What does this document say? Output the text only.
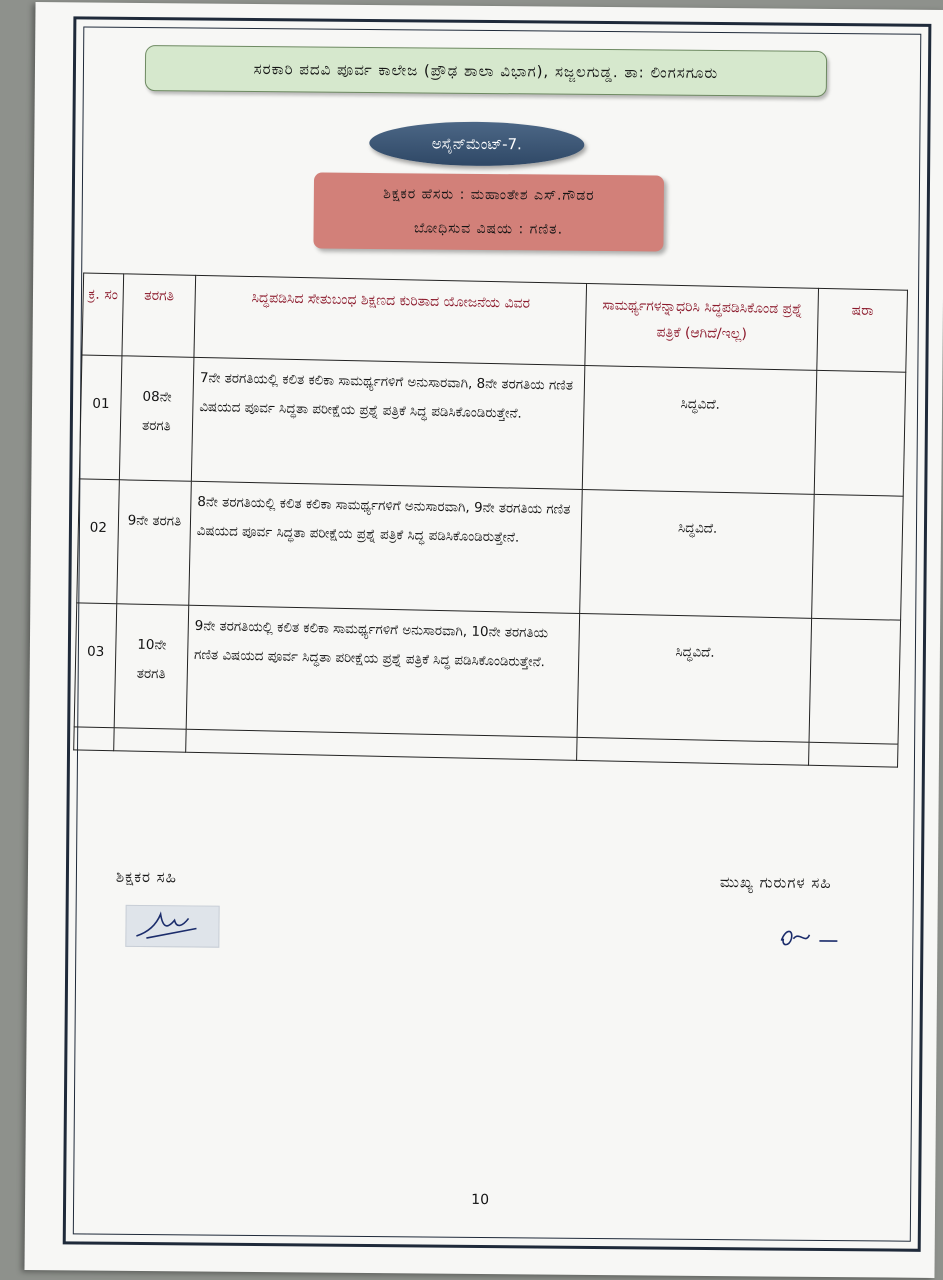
ಸರಕಾರಿ ಪದವಿ ಪೂರ್ವ ಕಾಲೇಜ (ಪ್ರೌಢ ಶಾಲಾ ವಿಭಾಗ), ಸಜ್ಜಲಗುಡ್ಡ. ತಾ: ಲಿಂಗಸಗೂರು
ಅಸೈನ್‌ಮೆಂಟ್-7.
ಶಿಕ್ಷಕರ ಹೆಸರು : ಮಹಾಂತೇಶ ಎಸ್.ಗೌಡರ
ಬೋಧಿಸುವ ವಿಷಯ : ಗಣಿತ.
ಕ್ರ. ಸಂ	ತರಗತಿ	ಸಿದ್ಧಪಡಿಸಿದ ಸೇತುಬಂಧ ಶಿಕ್ಷಣದ ಕುರಿತಾದ ಯೋಜನೆಯ ವಿವರ	ಸಾಮರ್ಥ್ಯಗಳನ್ನಾಧರಿಸಿ ಸಿದ್ಧಪಡಿಸಿಕೊಂಡ ಪ್ರಶ್ನೆ ಪತ್ರಿಕೆ (ಆಗಿದೆ/ಇಲ್ಲ)	ಷರಾ
01	08ನೇ ತರಗತಿ	7ನೇ ತರಗತಿಯಲ್ಲಿ ಕಲಿತ ಕಲಿಕಾ ಸಾಮರ್ಥ್ಯಗಳಿಗೆ ಅನುಸಾರವಾಗಿ, 8ನೇ ತರಗತಿಯ ಗಣಿತ ವಿಷಯದ ಪೂರ್ವ ಸಿದ್ಧತಾ ಪರೀಕ್ಷೆಯ ಪ್ರಶ್ನೆ ಪತ್ರಿಕೆ ಸಿದ್ಧ ಪಡಿಸಿಕೊಂಡಿರುತ್ತೇನೆ.	ಸಿದ್ಧವಿದೆ.	
02	9ನೇ ತರಗತಿ	8ನೇ ತರಗತಿಯಲ್ಲಿ ಕಲಿತ ಕಲಿಕಾ ಸಾಮರ್ಥ್ಯಗಳಿಗೆ ಅನುಸಾರವಾಗಿ, 9ನೇ ತರಗತಿಯ ಗಣಿತ ವಿಷಯದ ಪೂರ್ವ ಸಿದ್ಧತಾ ಪರೀಕ್ಷೆಯ ಪ್ರಶ್ನೆ ಪತ್ರಿಕೆ ಸಿದ್ಧ ಪಡಿಸಿಕೊಂಡಿರುತ್ತೇನೆ.	ಸಿದ್ಧವಿದೆ.	
03	10ನೇ ತರಗತಿ	9ನೇ ತರಗತಿಯಲ್ಲಿ ಕಲಿತ ಕಲಿಕಾ ಸಾಮರ್ಥ್ಯಗಳಿಗೆ ಅನುಸಾರವಾಗಿ, 10ನೇ ತರಗತಿಯ ಗಣಿತ ವಿಷಯದ ಪೂರ್ವ ಸಿದ್ಧತಾ ಪರೀಕ್ಷೆಯ ಪ್ರಶ್ನೆ ಪತ್ರಿಕೆ ಸಿದ್ಧ ಪಡಿಸಿಕೊಂಡಿರುತ್ತೇನೆ.	ಸಿದ್ಧವಿದೆ.	

ಶಿಕ್ಷಕರ ಸಹಿ	ಮುಖ್ಯ ಗುರುಗಳ ಸಹಿ
10
